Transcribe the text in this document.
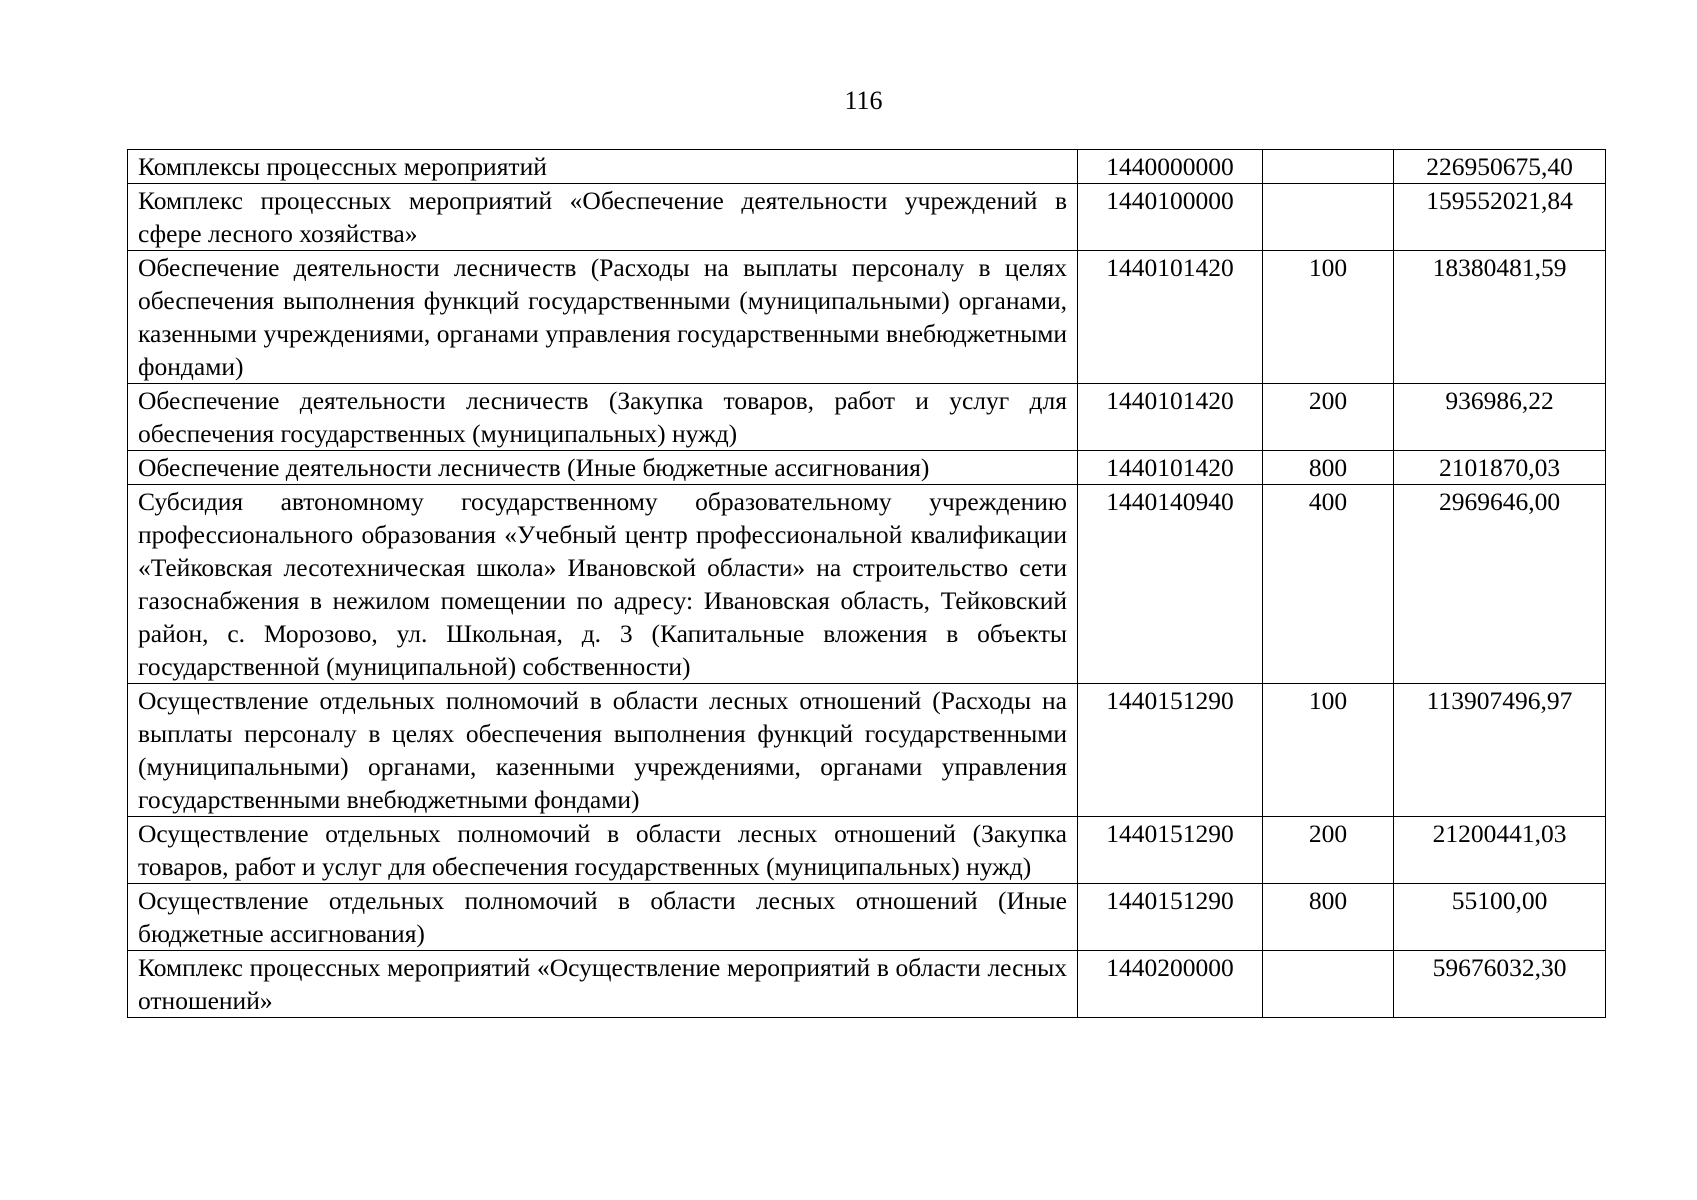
116
Комплексы процессных мероприятий	1440000000		226950675,40
Комплекс процессных мероприятий «Обеспечение деятельности учреждений в сфере лесного хозяйства»	1440100000		159552021,84
Обеспечение деятельности лесничеств (Расходы на выплаты персоналу в целях обеспечения выполнения функций государственными (муниципальными) органами, казенными учреждениями, органами управления государственными внебюджетными фондами)	1440101420	100	18380481,59
Обеспечение деятельности лесничеств (Закупка товаров, работ и услуг для обеспечения государственных (муниципальных) нужд)	1440101420	200	936986,22
Обеспечение деятельности лесничеств (Иные бюджетные ассигнования)	1440101420	800	2101870,03
Субсидия автономному государственному образовательному учреждению профессионального образования «Учебный центр профессиональной квалификации «Тейковская лесотехническая школа» Ивановской области» на строительство сети газоснабжения в нежилом помещении по адресу: Ивановская область, Тейковский район, с. Морозово, ул. Школьная, д. 3 (Капитальные вложения в объекты государственной (муниципальной) собственности)	1440140940	400	2969646,00
Осуществление отдельных полномочий в области лесных отношений (Расходы на выплаты персоналу в целях обеспечения выполнения функций государственными (муниципальными) органами, казенными учреждениями, органами управления государственными внебюджетными фондами)	1440151290	100	113907496,97
Осуществление отдельных полномочий в области лесных отношений (Закупка товаров, работ и услуг для обеспечения государственных (муниципальных) нужд)	1440151290	200	21200441,03
Осуществление отдельных полномочий в области лесных отношений (Иные бюджетные ассигнования)	1440151290	800	55100,00
Комплекс процессных мероприятий «Осуществление мероприятий в области лесных отношений»	1440200000		59676032,30
